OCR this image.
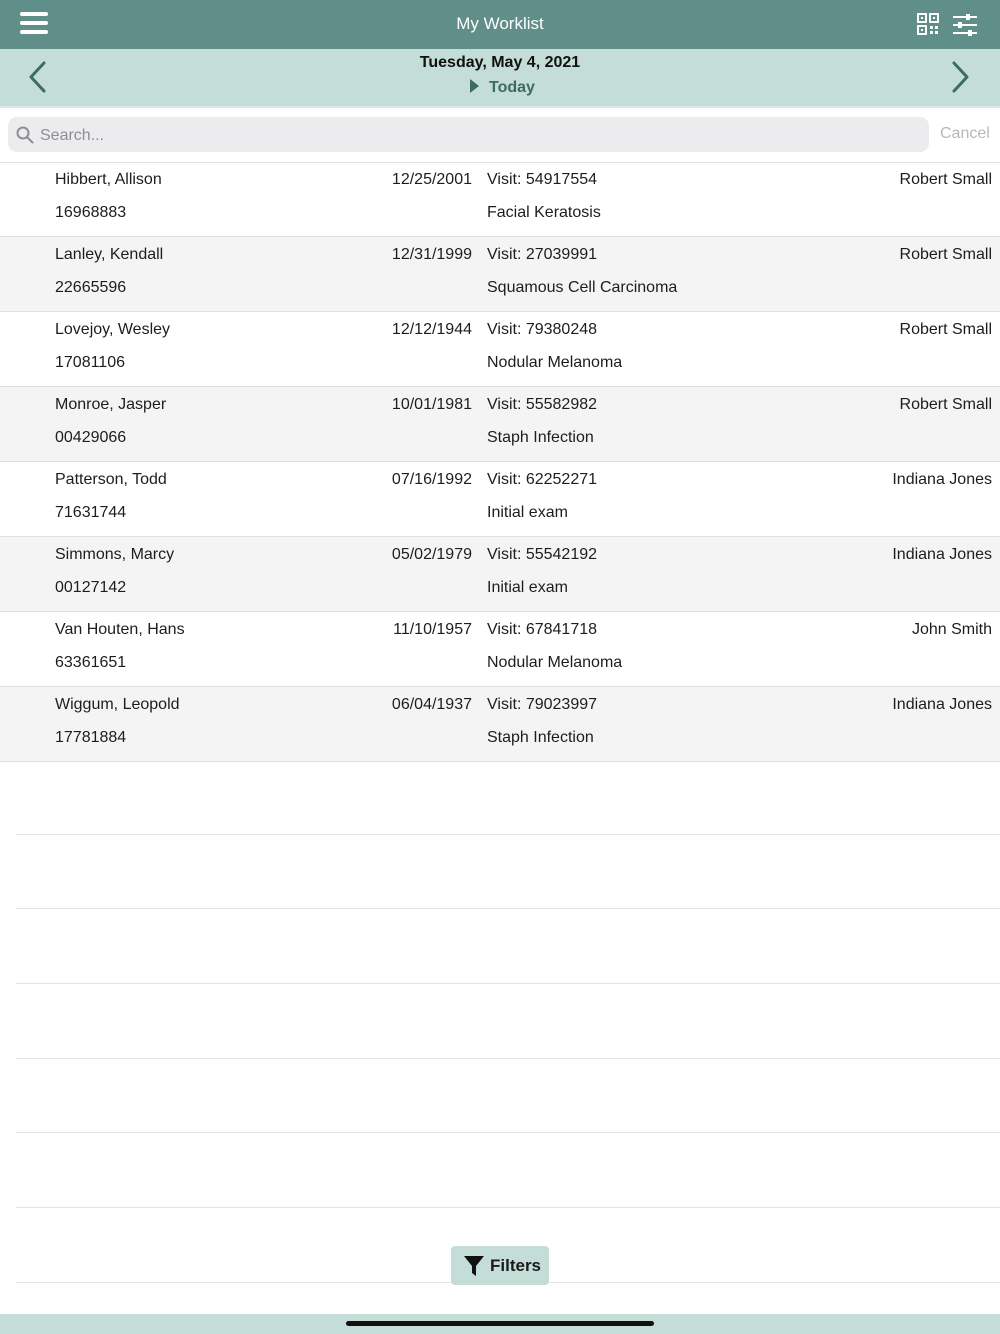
My Worklist
Tuesday, May 4, 2021
Today
Search...
Cancel
Hibbert, Allison
16968883
12/25/2001 Visit: 54917554
Facial Keratosis
Robert Small
Lanley, Kendall
22665596
12/31/1999 Visit: 27039991
Squamous Cell Carcinoma
Robert Small
Lovejoy, Wesley
17081106
12/12/1944 Visit: 79380248
Nodular Melanoma
Robert Small
Monroe, Jasper
00429066
10/01/1981 Visit: 55582982
Staph Infection
Robert Small
Patterson, Todd
71631744
07/16/1992 Visit: 62252271
Initial exam
Indiana Jones
Simmons, Marcy
00127142
05/02/1979 Visit: 55542192
Initial exam
Indiana Jones
Van Houten, Hans
63361651
11/10/1957 Visit: 67841718
Nodular Melanoma
John Smith
Wiggum, Leopold
17781884
06/04/1937 Visit: 79023997
Staph Infection
Indiana Jones
Filters
